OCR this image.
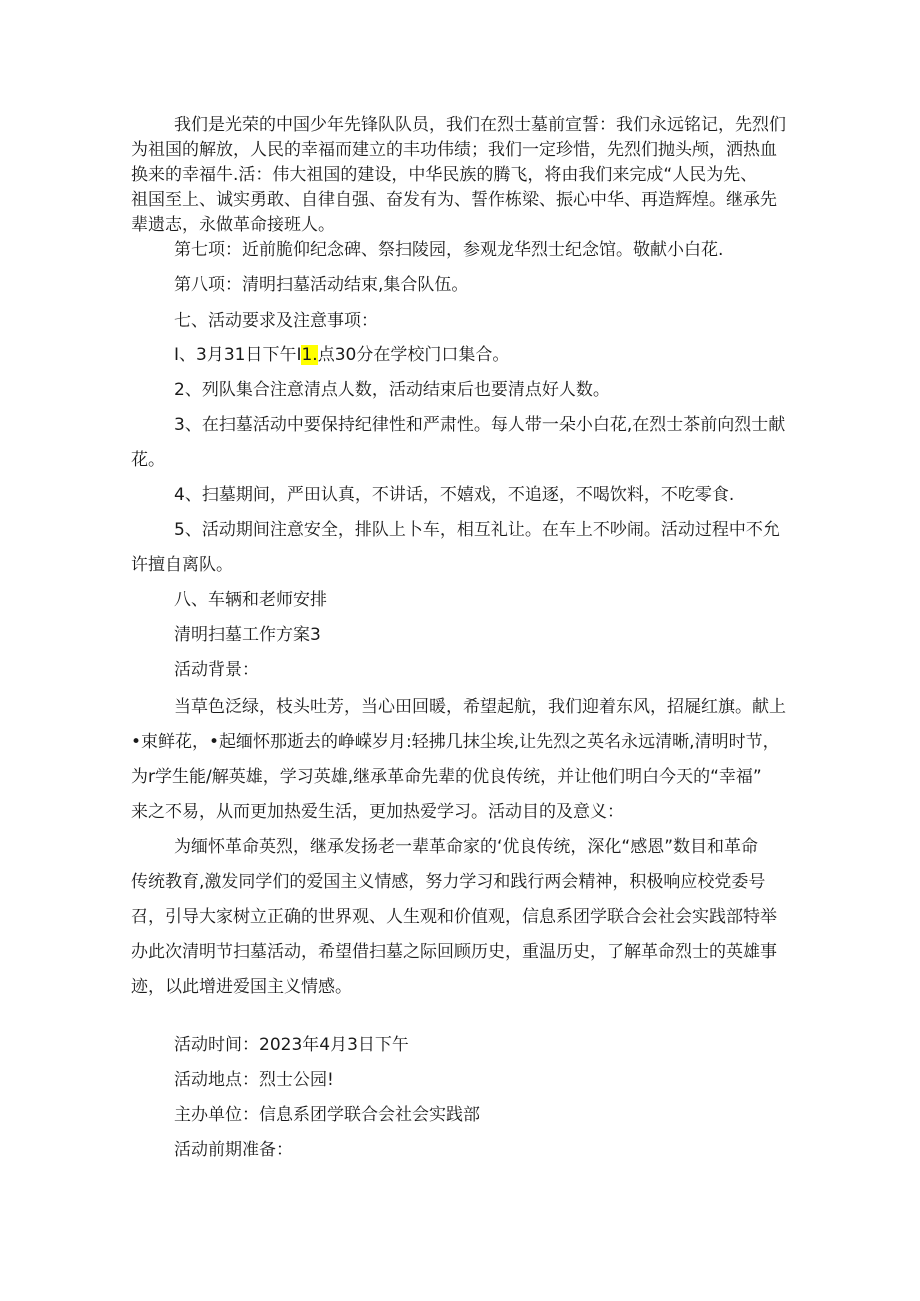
我们是光荣的中国少年先锋队队员，我们在烈士墓前宣誓：我们永远铭记，先烈们

为祖国的解放，人民的幸福而建立的丰功伟绩；我们一定珍惜，先烈们抛头颅，洒热血

换来的幸福牛.活：伟大祖国的建设，中华民族的腾飞，将由我们来完成“人民为先、

祖国至上、诚实勇敢、自律自强、奋发有为、誓作栋梁、振心中华、再造辉煌。继承先

辈遗志，永做革命接班人。

第七项：近前脆仰纪念碑、祭扫陵园，参观龙华烈士纪念馆。敬献小白花.

第八项：清明扫墓活动结束,集合队伍。

七、活动要求及注意事项：

I、3月31日下午I1.点30分在学校门口集合。

2、列队集合注意清点人数，活动结束后也要清点好人数。

3、在扫墓活动中要保持纪律性和严肃性。每人带一朵小白花,在烈士茶前向烈士献

花。

4、扫墓期间，严田认真，不讲话，不嬉戏，不追逐，不喝饮料，不吃零食.

5、活动期间注意安全，排队上卜车，相互礼让。在车上不吵闹。活动过程中不允

许擅自离队。

八、车辆和老师安排

清明扫墓工作方案3

活动背景：

当草色泛绿，枝头吐芳，当心田回暖，希望起航，我们迎着东风，招屣红旗。献上

•束鲜花，•起缅怀那逝去的峥嵘岁月:轻拂几抹尘埃,让先烈之英名永远清晰,清明时节，

为r学生能/解英雄，学习英雄,继承革命先辈的优良传统，并让他们明白今天的“幸福”

来之不易，从而更加热爱生活，更加热爱学习。活动目的及意义：

为缅怀革命英烈，继承发扬老一辈革命家的‘优良传统，深化“感恩”数目和革命

传统教育,激发同学们的爱国主义情感，努力学习和践行两会精神，积极响应校党委号

召，引导大家树立正确的世界观、人生观和价值观，信息系团学联合会社会实践部特举

办此次清明节扫墓活动，希望借扫墓之际回顾历史，重温历史，了解革命烈士的英雄事

迹，以此增进爱国主义情感。

活动时间：2023年4月3日下午

活动地点：烈士公园!

主办单位：信息系团学联合会社会实践部

活动前期准备：
